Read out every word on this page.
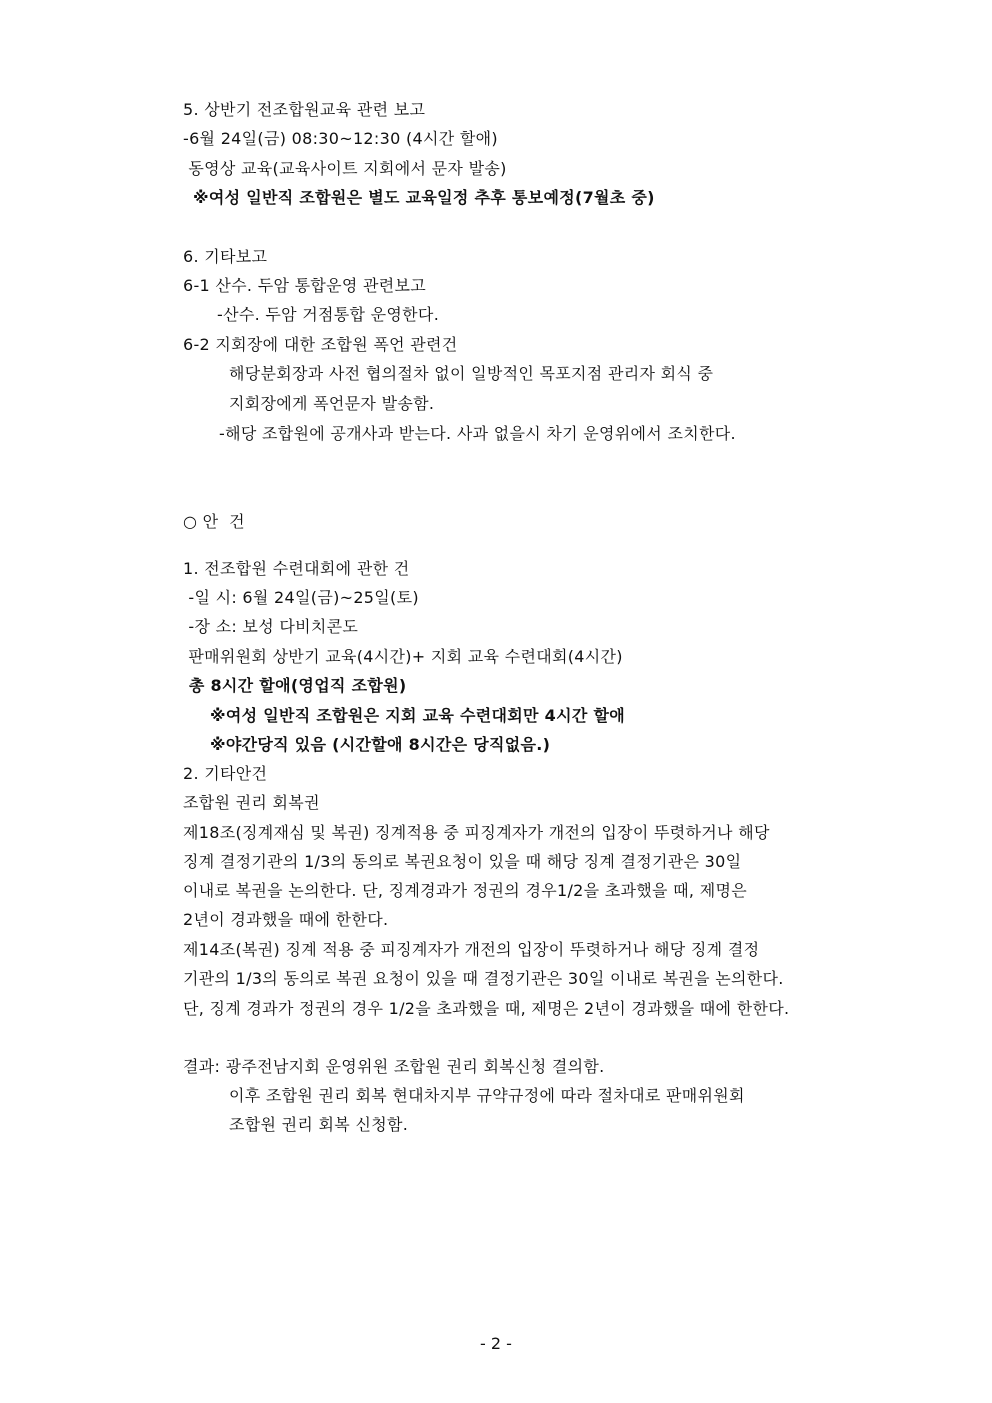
5. 상반기 전조합원교육 관련 보고
-6월 24일(금) 08:30~12:30 (4시간 할애)
동영상 교육(교육사이트 지회에서 문자 발송)
※여성 일반직 조합원은 별도 교육일정 추후 통보예정(7월초 중)
6. 기타보고
6-1 산수. 두암 통합운영 관련보고
-산수. 두암 거점통합 운영한다.
6-2 지회장에 대한 조합원 폭언 관련건
해당분회장과 사전 협의절차 없이 일방적인 목포지점 관리자 회식 중
지회장에게 폭언문자 발송함.
-해당 조합원에 공개사과 받는다. 사과 없을시 차기 운영위에서 조치한다.
○ 안  건
1. 전조합원 수련대회에 관한 건
-일 시: 6월 24일(금)~25일(토)
-장 소: 보성 다비치콘도
판매위원회 상반기 교육(4시간)+ 지회 교육 수련대회(4시간)
총 8시간 할애(영업직 조합원)
※여성 일반직 조합원은 지회 교육 수련대회만 4시간 할애
※야간당직 있음 (시간할애 8시간은 당직없음.)
2. 기타안건
조합원 권리 회복권
제18조(징계재심 및 복권) 징계적용 중 피징계자가 개전의 입장이 뚜렷하거나 해당
징계 결정기관의 1/3의 동의로 복권요청이 있을 때 해당 징계 결정기관은 30일
이내로 복권을 논의한다. 단, 징계경과가 정권의 경우1/2을 초과했을 때, 제명은
2년이 경과했을 때에 한한다.
제14조(복권) 징계 적용 중 피징계자가 개전의 입장이 뚜렷하거나 해당 징계 결정
기관의 1/3의 동의로 복권 요청이 있을 때 결정기관은 30일 이내로 복권을 논의한다.
단, 징계 경과가 정권의 경우 1/2을 초과했을 때, 제명은 2년이 경과했을 때에 한한다.
결과: 광주전남지회 운영위원 조합원 권리 회복신청 결의함.
이후 조합원 권리 회복 현대차지부 규약규정에 따라 절차대로 판매위원회
조합원 권리 회복 신청함.
- 2 -
